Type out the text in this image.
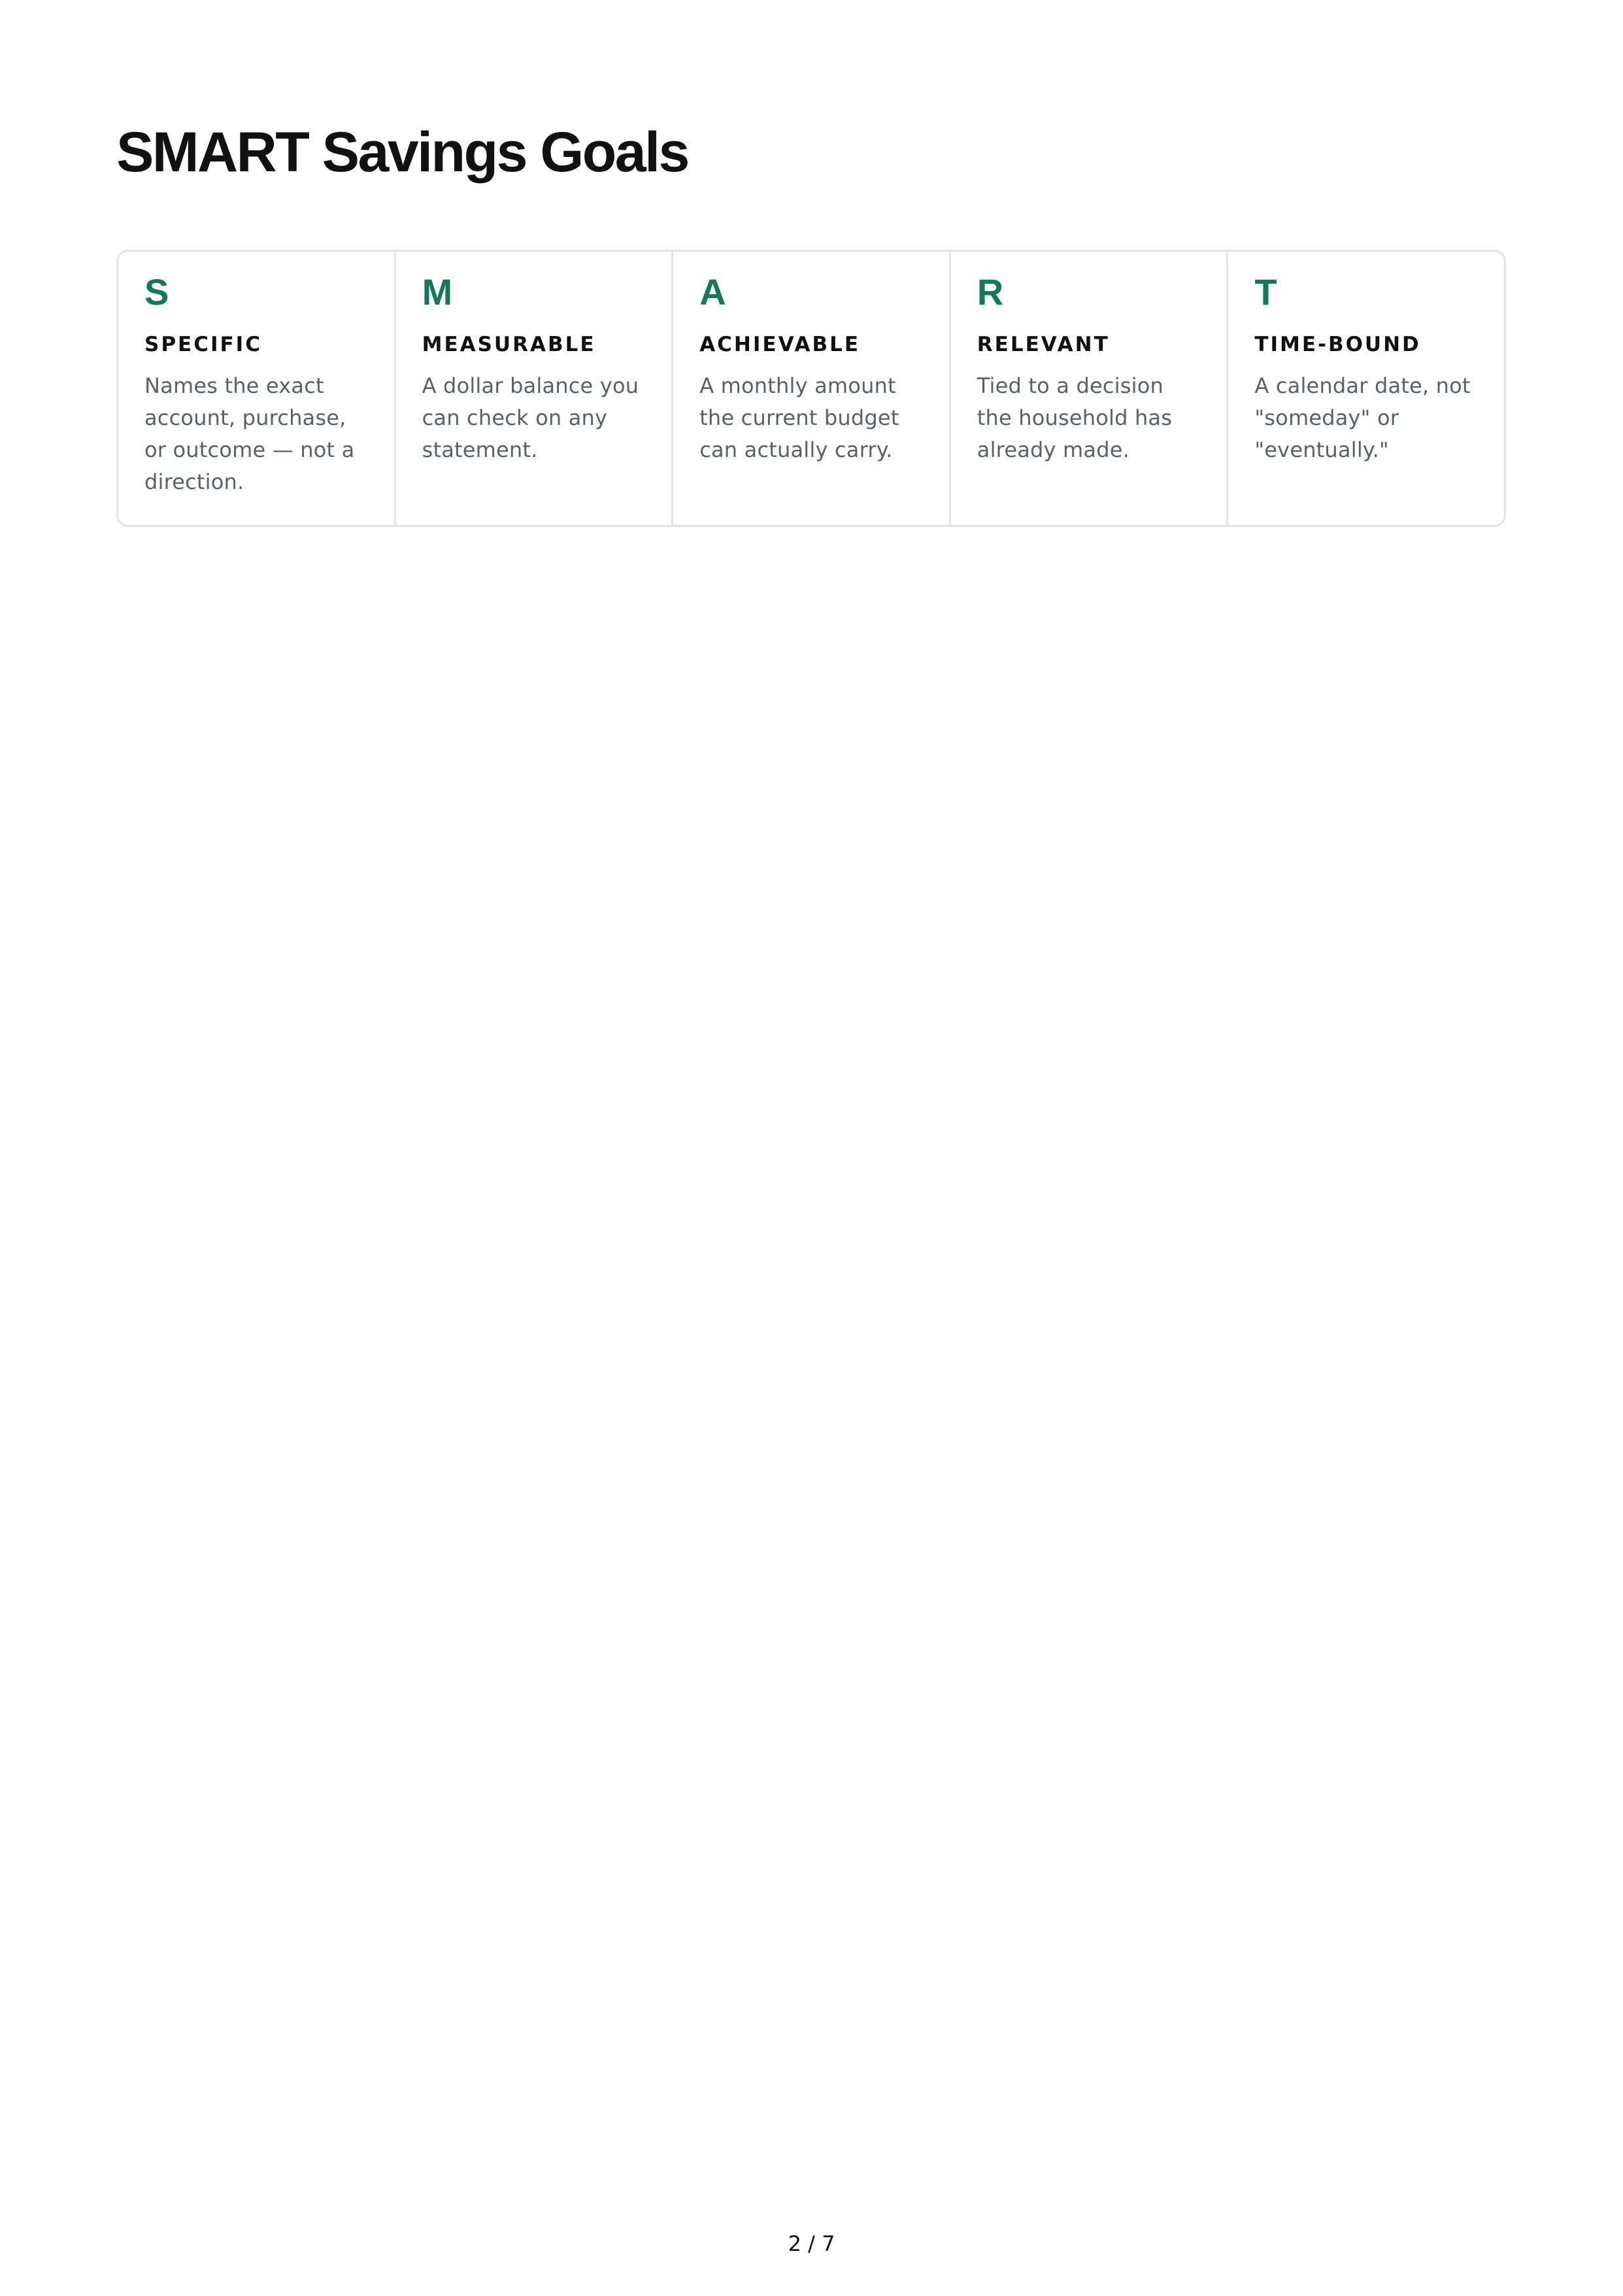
SMART Savings Goals
S
SPECIFIC

Names the exact account, purchase, or outcome — not a direction.

M
MEASURABLE

A dollar balance you can check on any statement.

A
ACHIEVABLE

A monthly amount the current budget can actually carry.

R
RELEVANT

Tied to a decision the household has already made.

T
TIME-BOUND

A calendar date, not "someday" or "eventually."

2 / 7
